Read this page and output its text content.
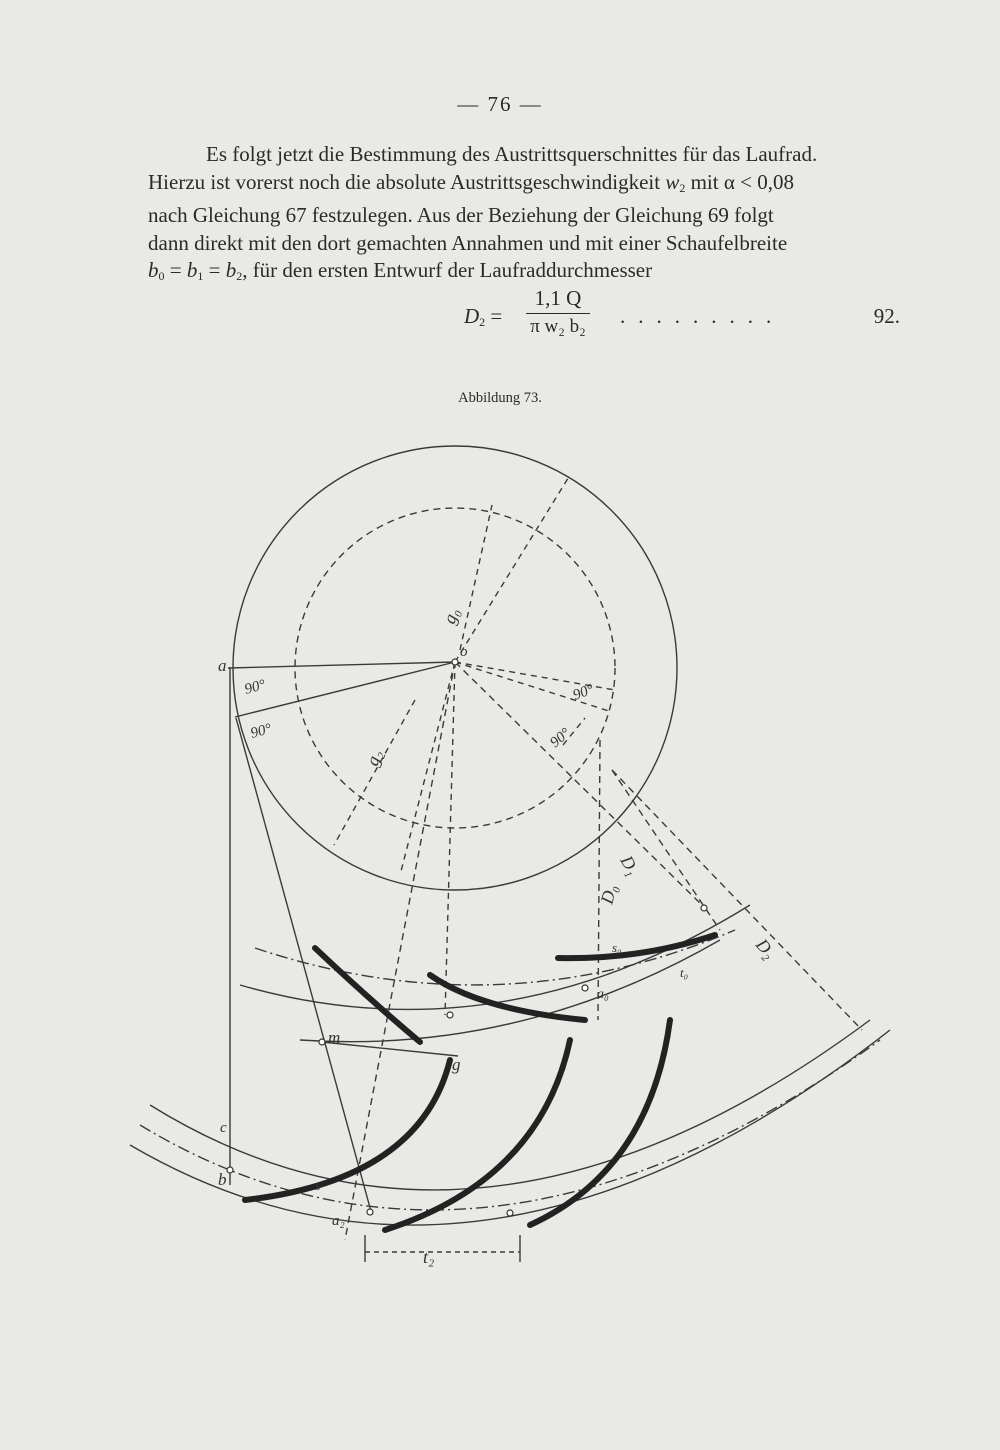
— 76 —

Es folgt jetzt die Bestimmung des Austrittsquerschnittes für das Laufrad.
Hierzu ist vorerst noch die absolute Austrittsgeschwindigkeit $w_2$ mit α < 0,08
nach Gleichung 67 festzulegen. Aus der Beziehung der Gleichung 69 folgt
dann direkt mit den dort gemachten Annahmen und mit einer Schaufelbreite
$b_0 = b_1 = b_2$, für den ersten Entwurf der Laufraddurchmesser

$D_2 = \frac{1,1 Q}{\text{π w₂ b₂}}$ .........	92.
Abbildung 73.
a
o
m
g
c
b	s
90°
90°
90°
90°
g₀
g₂
D₀
D₁
D₂
s₀
a₀
t₀
a₂
t₂
